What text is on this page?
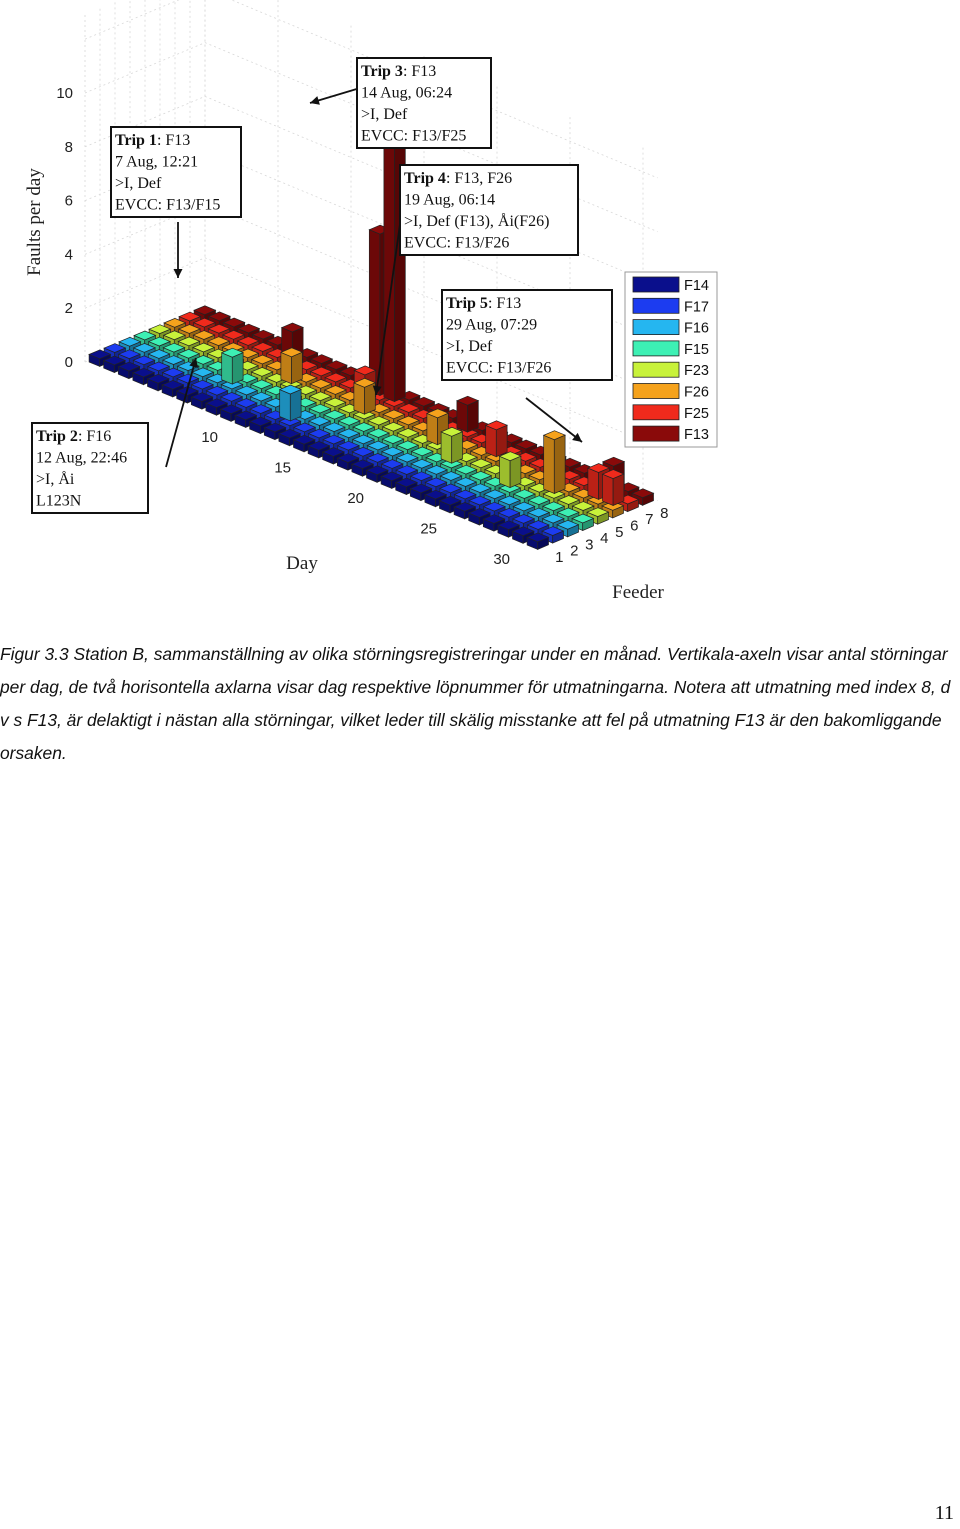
0
2
4
6
8
10
10
15
20
25
30	1 2 3 4 5 6 7 8
Faults per day
Day
Feeder
Trip 1: F13
7 Aug, 12:21
>I, Def
EVCC: F13/F15
Trip 2: F16
12 Aug, 22:46
>I, Åi
L123N
Trip 3: F13
14 Aug, 06:24
>I, Def
EVCC: F13/F25
Trip 4: F13, F26
19 Aug, 06:14
>I, Def (F13), Åi(F26)
EVCC: F13/F26
Trip 5: F13
29 Aug, 07:29
>I, Def
EVCC: F13/F26
F14
F17
F16
F15
F23
F26
F25
F13

Figur 3.3 Station B, sammanställning av olika störningsregistreringar under en månad. Vertikala-axeln visar antal störningar per dag, de två horisontella axlarna visar dag respektive löpnummer för utmatningarna. Notera att utmatning med index 8, d v s F13, är delaktigt i nästan alla störningar, vilket leder till skälig misstanke att fel på utmatning F13 är den bakomliggande orsaken.

11
